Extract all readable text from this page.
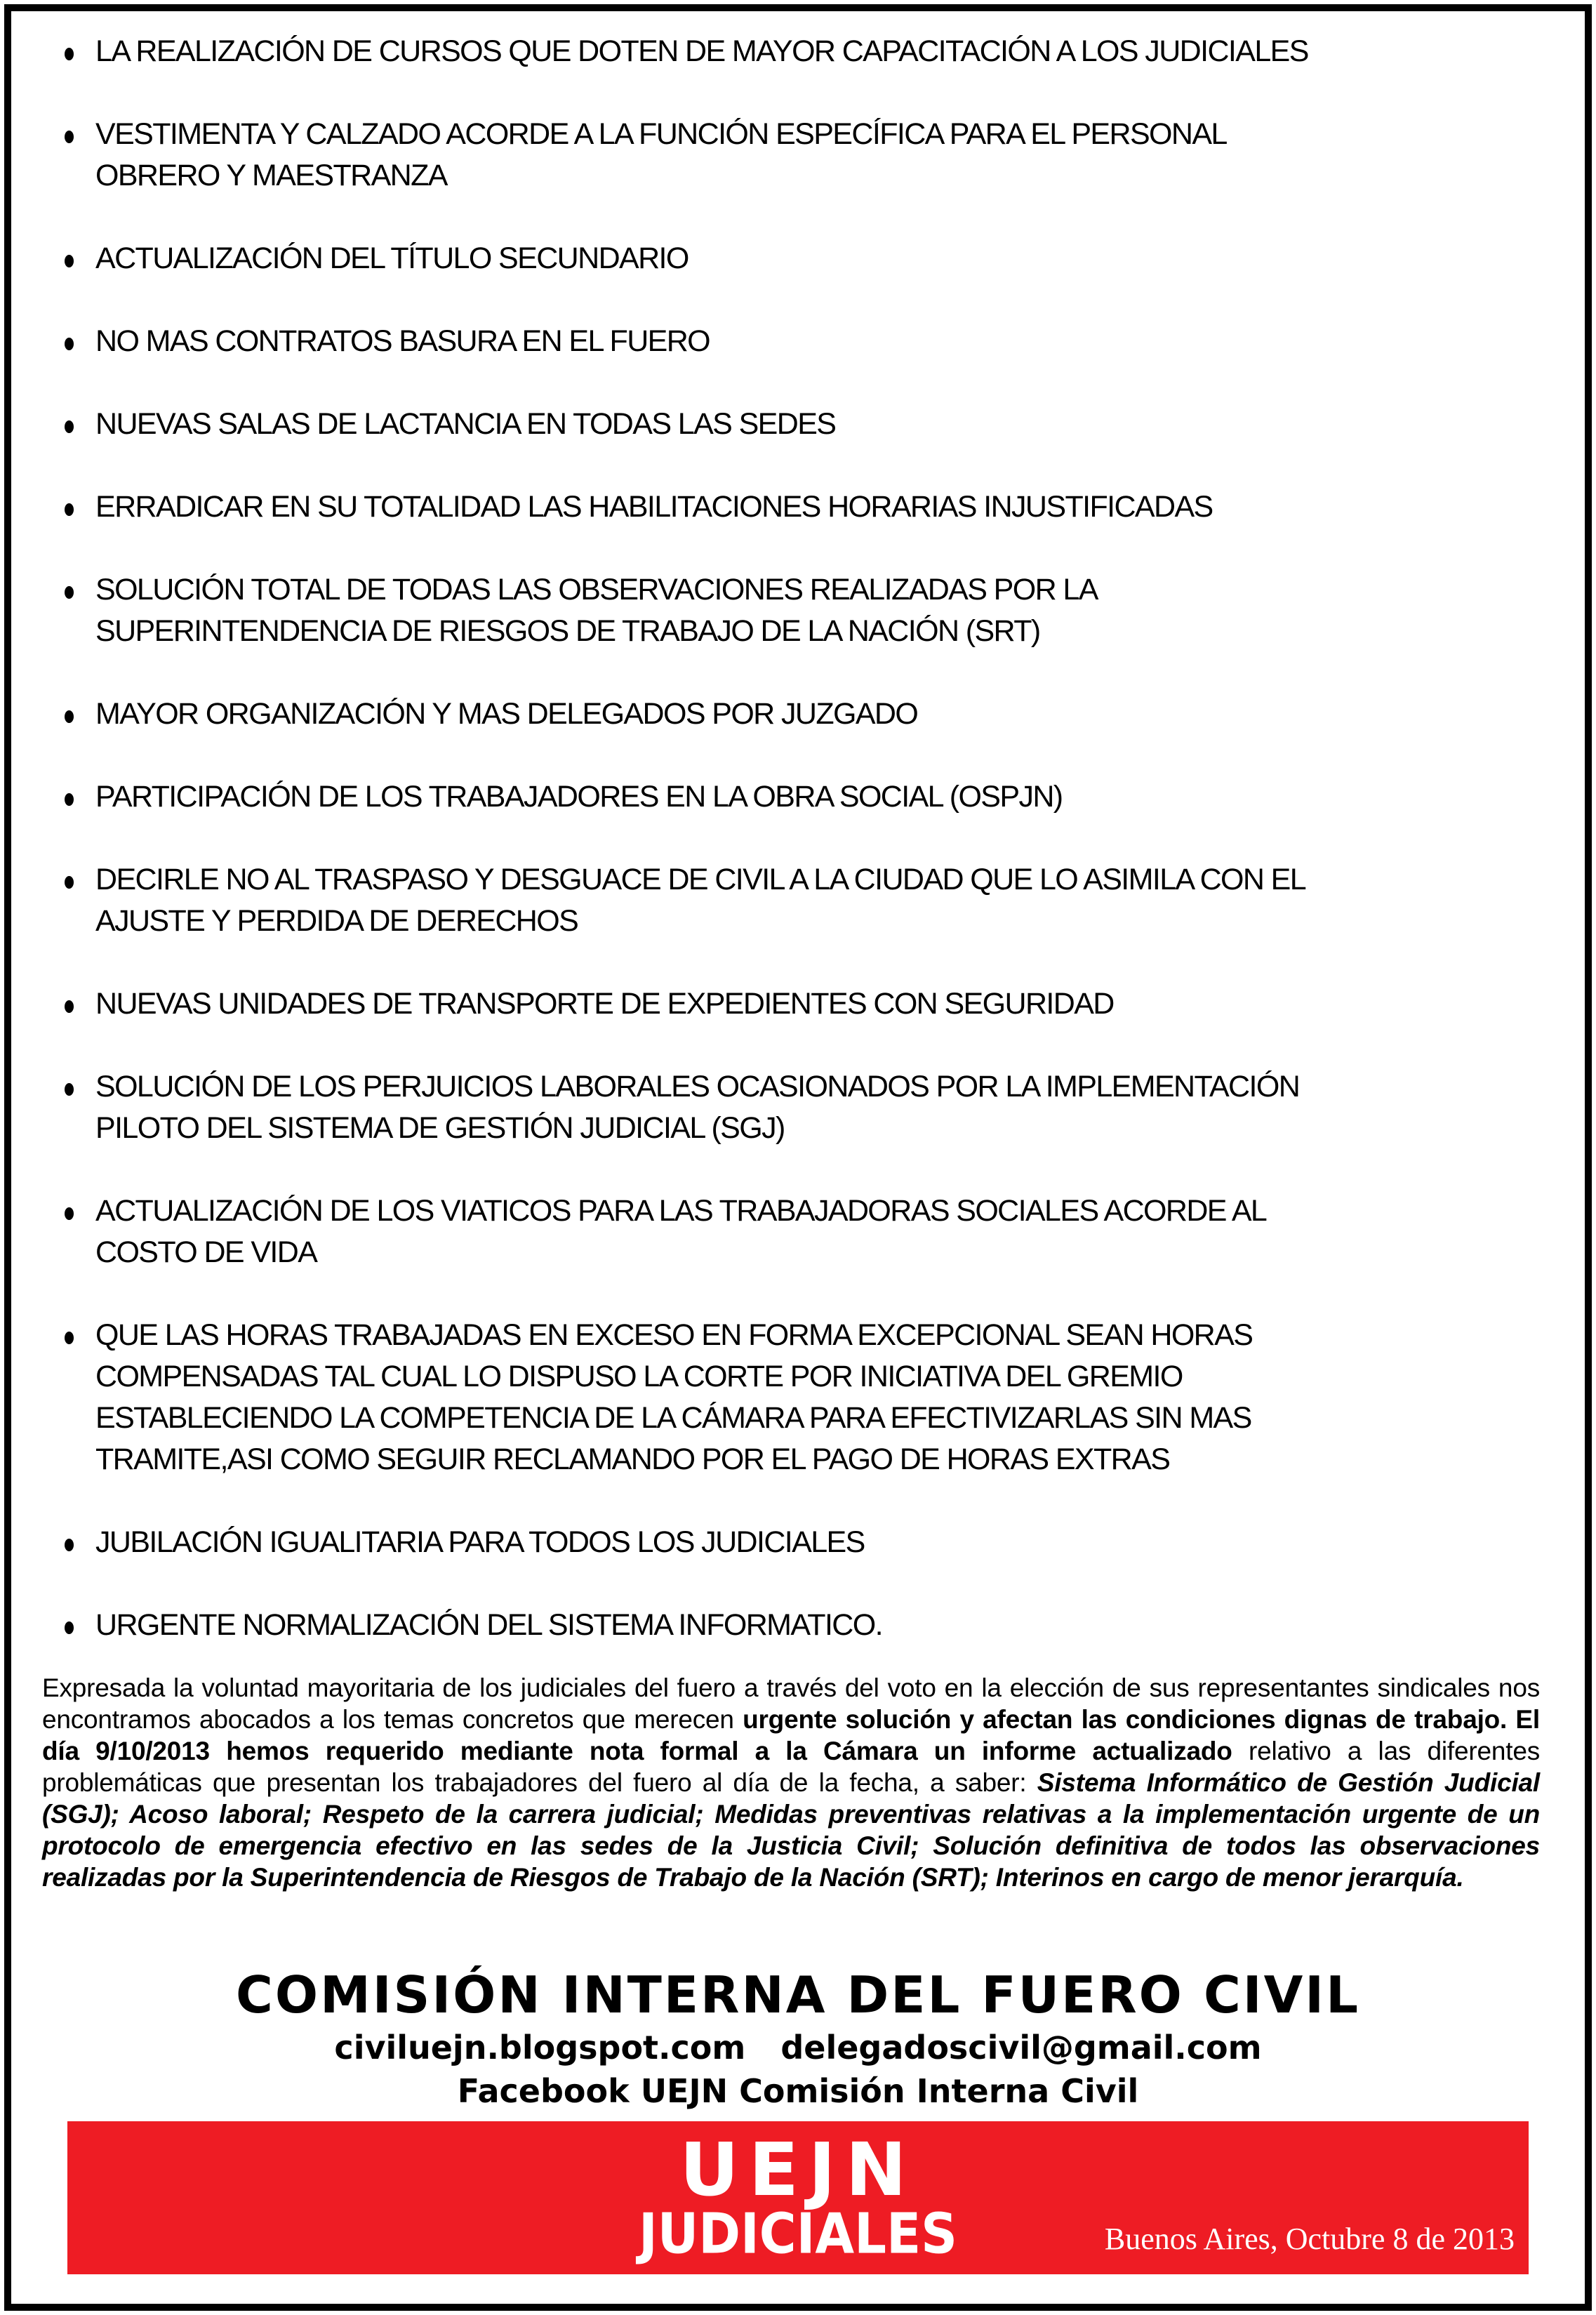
LA REALIZACIÓN DE CURSOS QUE DOTEN DE MAYOR CAPACITACIÓN A LOS JUDICIALES
VESTIMENTA Y CALZADO ACORDE A LA FUNCIÓN ESPECÍFICA PARA EL PERSONAL
OBRERO Y MAESTRANZA
ACTUALIZACIÓN DEL TÍTULO SECUNDARIO
NO MAS CONTRATOS BASURA EN EL FUERO
NUEVAS SALAS DE LACTANCIA EN TODAS LAS SEDES
ERRADICAR EN SU TOTALIDAD LAS HABILITACIONES HORARIAS INJUSTIFICADAS
SOLUCIÓN TOTAL DE TODAS LAS OBSERVACIONES REALIZADAS POR LA
SUPERINTENDENCIA DE RIESGOS DE TRABAJO DE LA NACIÓN (SRT)
MAYOR ORGANIZACIÓN Y MAS DELEGADOS POR JUZGADO
PARTICIPACIÓN DE LOS TRABAJADORES EN LA OBRA SOCIAL (OSPJN)
DECIRLE NO AL TRASPASO Y DESGUACE DE CIVIL A LA CIUDAD QUE LO ASIMILA CON EL
AJUSTE Y PERDIDA DE DERECHOS
NUEVAS UNIDADES DE TRANSPORTE DE EXPEDIENTES CON SEGURIDAD
SOLUCIÓN DE LOS PERJUICIOS LABORALES OCASIONADOS POR LA IMPLEMENTACIÓN
PILOTO DEL SISTEMA DE GESTIÓN JUDICIAL (SGJ)
ACTUALIZACIÓN DE LOS VIATICOS PARA LAS TRABAJADORAS SOCIALES ACORDE AL
COSTO DE VIDA
QUE LAS HORAS TRABAJADAS EN EXCESO EN FORMA EXCEPCIONAL SEAN HORAS
COMPENSADAS TAL CUAL LO DISPUSO LA CORTE POR INICIATIVA DEL GREMIO
ESTABLECIENDO LA COMPETENCIA DE LA CÁMARA PARA EFECTIVIZARLAS SIN MAS
TRAMITE,ASI COMO SEGUIR RECLAMANDO POR EL PAGO DE HORAS EXTRAS
JUBILACIÓN IGUALITARIA PARA TODOS LOS JUDICIALES
URGENTE NORMALIZACIÓN DEL SISTEMA INFORMATICO.
Expresada la voluntad mayoritaria de los judiciales del fuero a través del voto en la elección de sus representantes sindicales nos encontramos abocados a los temas concretos que merecen urgente solución y afectan las condiciones dignas de trabajo. El día 9/10/2013 hemos requerido mediante nota formal a la Cámara un informe actualizado relativo a las diferentes problemáticas que presentan los trabajadores del fuero al día de la fecha, a saber: Sistema Informático de Gestión Judicial (SGJ); Acoso laboral; Respeto de la carrera judicial; Medidas preventivas relativas a la implementación urgente de un protocolo de emergencia efectivo en las sedes de la Justicia Civil; Solución definitiva de todos las observaciones realizadas por la Superintendencia de Riesgos de Trabajo de la Nación (SRT); Interinos en cargo de menor jerarquía.
COMISIÓN INTERNA DEL FUERO CIVIL
civiluejn.blogspot.com delegadoscivil@gmail.com
Facebook UEJN Comisión Interna Civil
UEJN
JUDICIALES	Buenos Aires, Octubre 8 de 2013
